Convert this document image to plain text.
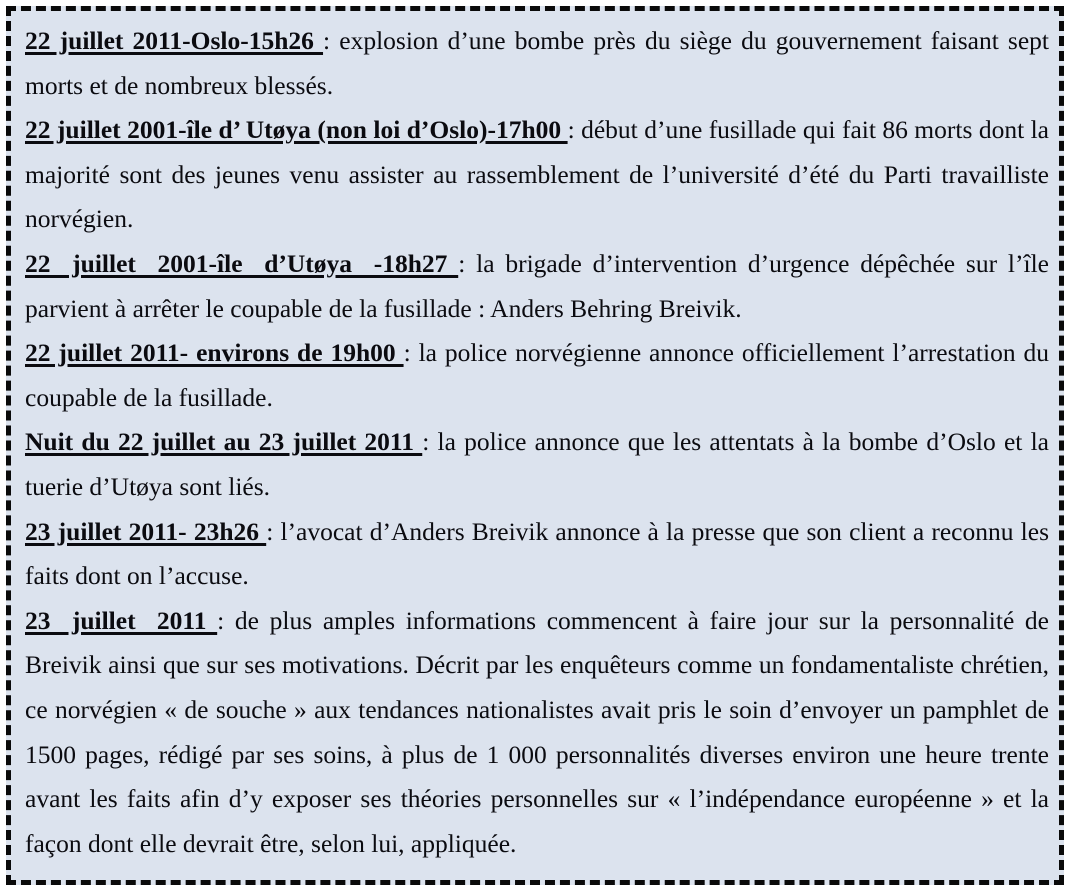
22 juillet 2011-Oslo-15h26 : explosion d’une bombe près du siège du gouvernement faisant sept morts et de nombreux blessés.

22 juillet 2001-île d’ Utøya (non loi d’Oslo)-17h00 : début d’une fusillade qui fait 86 morts dont la majorité sont des jeunes venu assister au rassemblement de l’université d’été du Parti travailliste norvégien.

22  juillet  2001-île  d’Utøya  -18h27 : la brigade d’intervention d’urgence dépêchée sur l’île parvient à arrêter le coupable de la fusillade : Anders Behring Breivik.

22 juillet 2011- environs de 19h00 : la police norvégienne annonce officiellement l’arrestation du coupable de la fusillade.

Nuit du 22 juillet au 23 juillet 2011 : la police annonce que les attentats à la bombe d’Oslo et la tuerie d’Utøya sont liés.

23 juillet 2011- 23h26 : l’avocat d’Anders Breivik annonce à la presse que son client a reconnu les faits dont on l’accuse.

23  juillet  2011 : de plus amples informations commencent à faire jour sur la personnalité de Breivik ainsi que sur ses motivations. Décrit par les enquêteurs comme un fondamentaliste chrétien, ce norvégien « de souche » aux tendances nationalistes avait pris le soin d’envoyer un pamphlet de 1500 pages, rédigé par ses soins, à plus de 1 000 personnalités diverses environ une heure trente avant les faits afin d’y exposer ses théories personnelles sur « l’indépendance européenne » et la façon dont elle devrait être, selon lui, appliquée.
